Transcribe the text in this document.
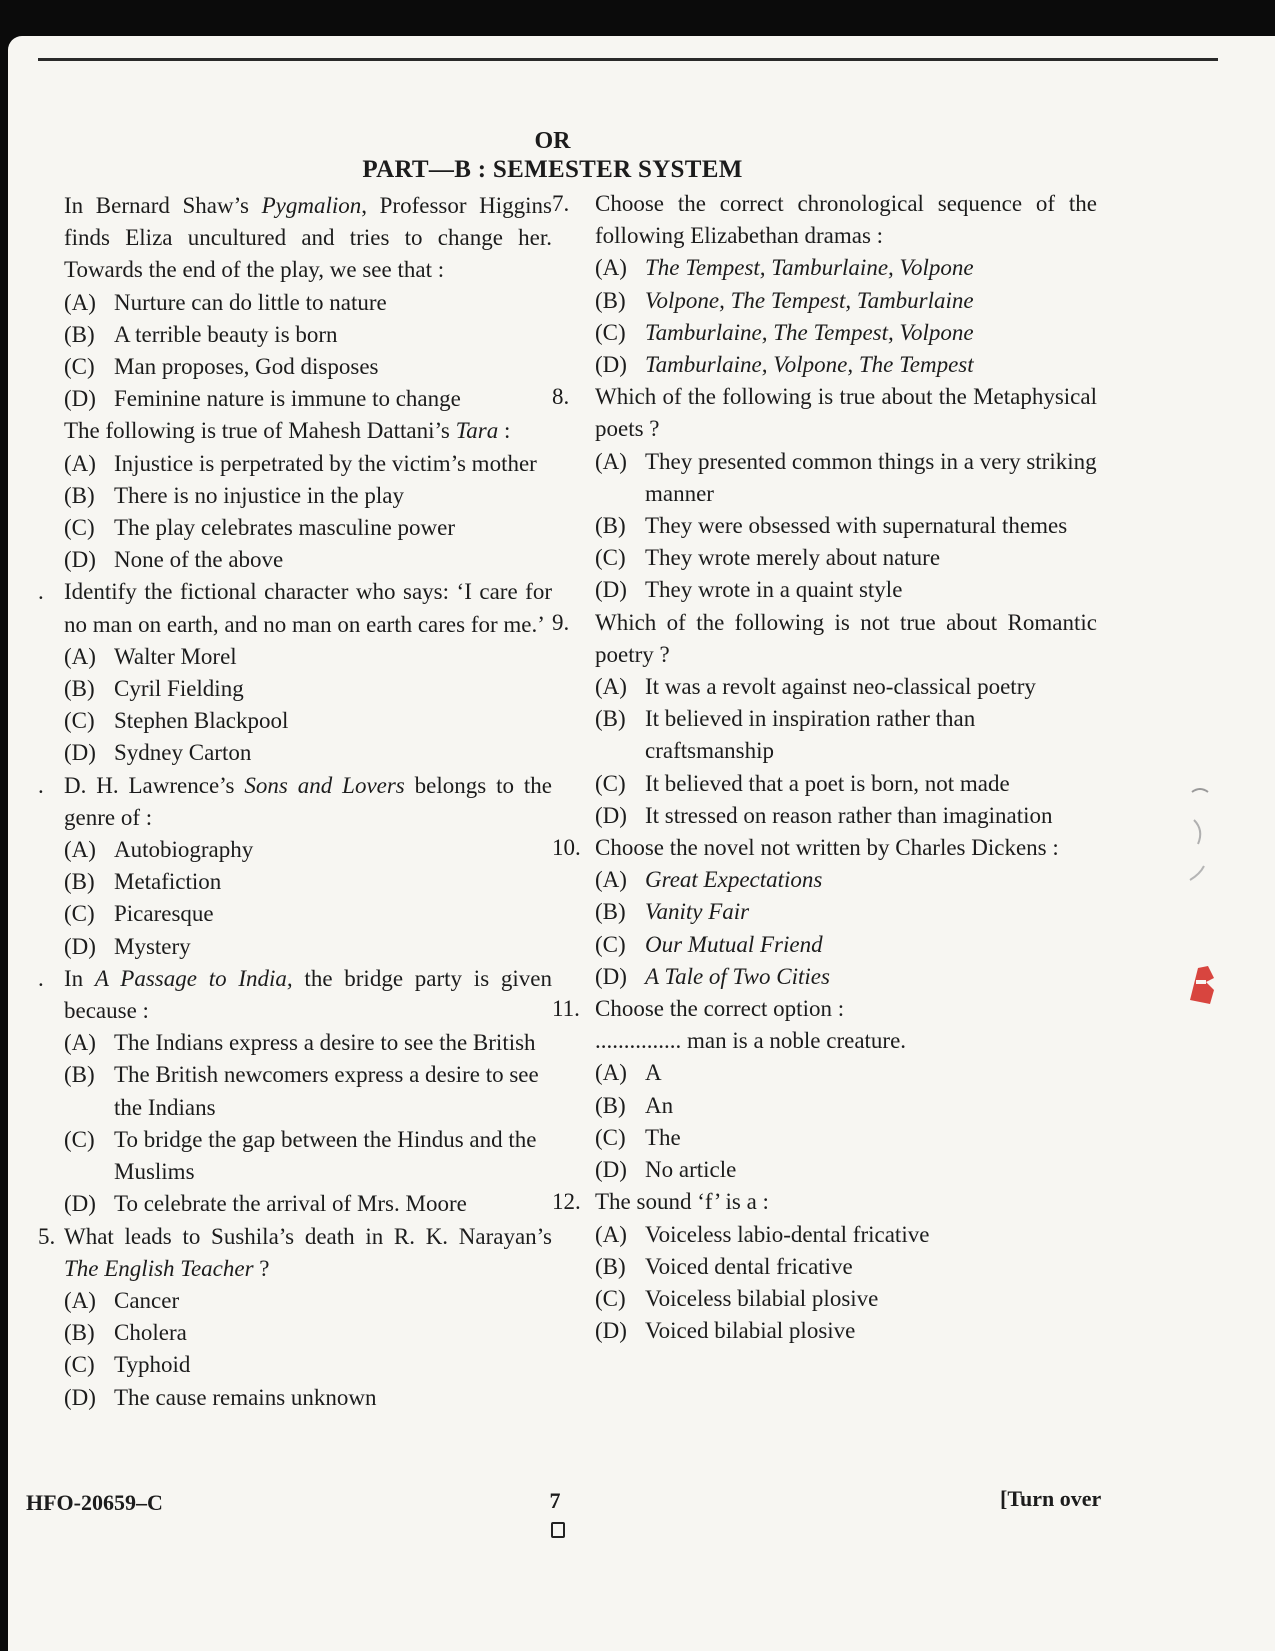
OR
PART—B : SEMESTER SYSTEM
In Bernard Shaw’s Pygmalion, Professor Higgins finds Eliza uncultured and tries to change her. Towards the end of the play, we see that :
(A) Nurture can do little to nature
(B) A terrible beauty is born
(C) Man proposes, God disposes
(D) Feminine nature is immune to change
The following is true of Mahesh Dattani’s Tara :
(A) Injustice is perpetrated by the victim’s mother
(B) There is no injustice in the play
(C) The play celebrates masculine power
(D) None of the above
. Identify the fictional character who says: ‘I care for no man on earth, and no man on earth cares for me.’
(A) Walter Morel
(B) Cyril Fielding
(C) Stephen Blackpool
(D) Sydney Carton
. D. H. Lawrence’s Sons and Lovers belongs to the genre of :
(A) Autobiography
(B) Metafiction
(C) Picaresque
(D) Mystery
. In A Passage to India, the bridge party is given because :
(A) The Indians express a desire to see the British
(B) The British newcomers express a desire to see the Indians
(C) To bridge the gap between the Hindus and the Muslims
(D) To celebrate the arrival of Mrs. Moore
5. What leads to Sushila’s death in R. K. Narayan’s The English Teacher ?
(A) Cancer
(B) Cholera
(C) Typhoid
(D) The cause remains unknown
7. Choose the correct chronological sequence of the following Elizabethan dramas :
(A) The Tempest, Tamburlaine, Volpone
(B) Volpone, The Tempest, Tamburlaine
(C) Tamburlaine, The Tempest, Volpone
(D) Tamburlaine, Volpone, The Tempest
8. Which of the following is true about the Metaphysical poets ?
(A) They presented common things in a very striking manner
(B) They were obsessed with supernatural themes
(C) They wrote merely about nature
(D) They wrote in a quaint style
9. Which of the following is not true about Romantic poetry ?
(A) It was a revolt against neo-classical poetry
(B) It believed in inspiration rather than craftsmanship
(C) It believed that a poet is born, not made
(D) It stressed on reason rather than imagination
10. Choose the novel not written by Charles Dickens :
(A) Great Expectations
(B) Vanity Fair
(C) Our Mutual Friend
(D) A Tale of Two Cities
11. Choose the correct option :
............... man is a noble creature.
(A) A
(B) An
(C) The
(D) No article
12. The sound ‘f’ is a :
(A) Voiceless labio-dental fricative
(B) Voiced dental fricative
(C) Voiceless bilabial plosive
(D) Voiced bilabial plosive
HFO-20659–C	7	[Turn over
